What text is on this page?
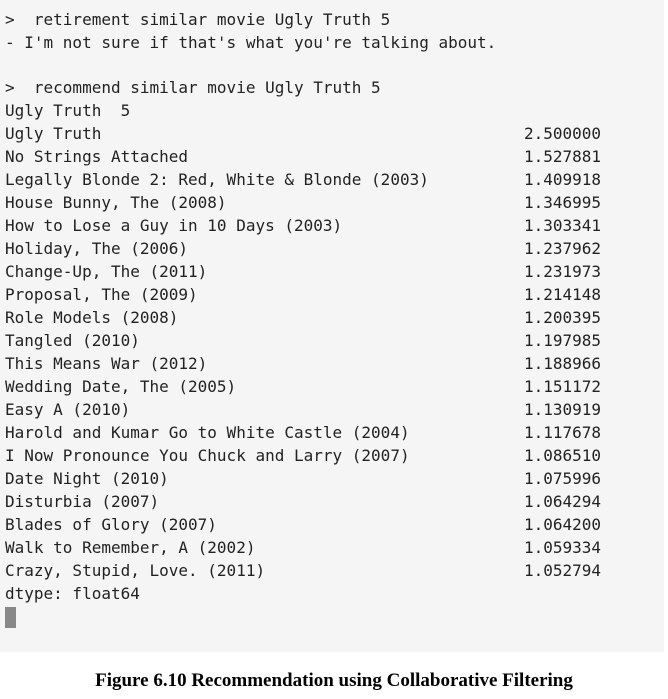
>  retirement similar movie Ugly Truth 5
- I'm not sure if that's what you're talking about.
>  recommend similar movie Ugly Truth 5
Ugly Truth  5
Ugly Truth	2.500000
No Strings Attached	1.527881
Legally Blonde 2: Red, White & Blonde (2003)	1.409918
House Bunny, The (2008)	1.346995
How to Lose a Guy in 10 Days (2003)	1.303341
Holiday, The (2006)	1.237962
Change-Up, The (2011)	1.231973
Proposal, The (2009)	1.214148
Role Models (2008)	1.200395
Tangled (2010)	1.197985
This Means War (2012)	1.188966
Wedding Date, The (2005)	1.151172
Easy A (2010)	1.130919
Harold and Kumar Go to White Castle (2004)	1.117678
I Now Pronounce You Chuck and Larry (2007)	1.086510
Date Night (2010)	1.075996
Disturbia (2007)	1.064294
Blades of Glory (2007)	1.064200
Walk to Remember, A (2002)	1.059334
Crazy, Stupid, Love. (2011)	1.052794
dtype: float64
Figure 6.10 Recommendation using Collaborative Filtering
